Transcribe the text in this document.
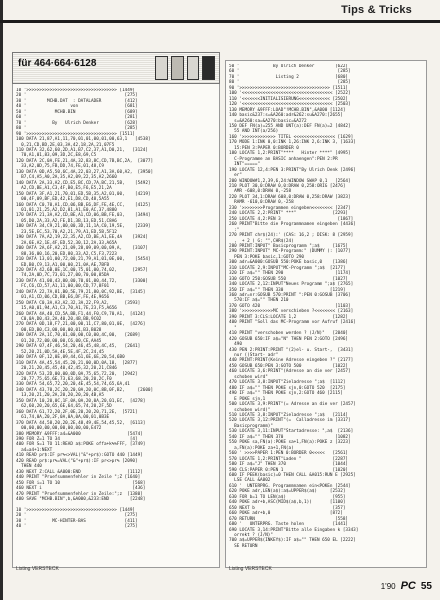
Tips & Tricks
für 464·664·6128
10 '>>>>>>>>>>>>>>>>>>>>>>>>>>>>>>>>>>> [1449]
20 '                                      [275]
30 '        MCHB.DAT  : DATALADER         [412]
40 '                 von                  [681]
50 '           MCHB.BIN                   [689]
60 '                                      [281]
70 '          By   Ulrich Denker          [628]
80 '                                      [285]
90 '>>>>>>>>>>>>>>>>>>>>>>>>>>>>>>>>>>> [1511]
100 DATA 21,87,A1,11,70,01,01,00,01,00,63,1   [4538]
0,21,CD,BD,2E,03,3A,42,18,2A,21,07F5
110 DATA 32,62,60,2D,A1,B7,C2,37,A1,D0,21,   [3124]
70,A1,01,83,09,3D,2C,E8,69,C5
120 DATA 2C,0A,FE,21,4A,32,83,8C,CD,7B,BC,2A,  [3077]
33,A2,0D,75,FB,DD,74,FE,01,48,C9
130 DATA 0D,A5,50,6C,4A,22,03,27,A1,3A,60,A2,  [3950]
B7,C4,A5,A0,2A,35,A2,09,22,35,A2,2660
140 DATA 2A,33,A2,CD,E5,BC,CD,7A,BC,21,5B,    [5492]
A2,CD,BE,A1,C3,4F,B0,E5,F6,E5,21,2A
150 DATA 3F,A1,21,70,01,ED,5B,35,A2,01,00,    [4219]
00,4F,09,BF,ED,42,E1,D8,CD,48,5A55
160 DATA C0,70,A1,CD,06,BB,E6,DF,FE,4E,CC,    [4125]
01,01,21,25,A2,D2,81,A1,E0,AC,37,4880
170 DATA 21,3A,A2,CD,BE,A1,CD,06,BB,FE,03,    [3494]
05,D0,2A,33,A2,FE,D1,3B,13,ED,51,C8A6
180 DATA 34,C9,21,00,00,3D,11,1A,C0,19,5E,    [2339]
23,5E,EC,53,70,A2,21,79,A1,ED,5B,5F12
190 DATA 7A,A2,19,22,35,A2,CD,BE,A1,EE,4A    [3924]
2A,6E,A2,1E,4F,ED,52,30,12,2A,33,A65A
200 DATA 2A,6F,A2,21,09,28,09,09,00,09,A,    [3107]
88,36,00,16,20,ED,80,33,A2,C5,F3,7223
210 DATA 13,01,00,72,00,21,79,A1,01,0E,00,    [5454]
ED,B0,C9,13,A1,00,00,21,0A,AE,7BFB
220 DATA 42,6B,0E,1C,00,75,01,00,74,02,      [2957]
74,2A,0D,7C,73,01,27,00,70,00,85DA
230 DATA 41,00,43,00,00,70,01,00,44,72,      [3300]
FC,C6,CD,57,A1,11,00,00,CD,77,8F01
240 DATA 22,7A,81,B0,5E,79,21,80,0C,92,BE,  [3145]
01,A1,CD,06,CD,BB,E6,DF,FE,4E,9656
250 DATA C0,3A,A3,A2,32,3A,22,F9,A2,      [3593]
15,A0,01,94,A1,C3,70,A1,7E,23,F5,A656
260 DATA 4A,40,CD,5A,BB,F1,44,F0,C9,70,A1,  [4124]
C0,0A,D0,43,2A,40,20,4B,BB,9C02
270 DATA 0D,18,F7,21,00,00,11,C7,80,01,0E,  [4276]
00,ED,B0,C3,00,00,00,01,B3,B028
280 DATA 2A,1C,70,01,00,00,C0,00,4C,00,   [2689]
01,20,72,00,00,00,C6,00,CE,AA45
290 DATA 07,4F,46,54,20,46,45,48,4C,45,   [2641]
52,20,21,0D,5A,4E,5E,4F,2C,24,45
300 DATA 0F,12,0E,09,44,61,6E,6E,20,54,6B0
310 DATA 4A,45,54,45,20,21,00,0D,0A,18,  [2877]
20,21,20,45,45,40,42,45,32,20,21,C846
320 DATA 53,2D,00,00,0D,0A,75,65,72,20,  [2942]
20,77,75,65,6E,73,63,68,20,20,2C,F0
330 DATA 54,65,72,20,20,4E,45,54,74,65,6A,41
340 DATA 43,70,2C,20,20,0A,20,0C,8B,0F,B2,     [2600]
13,20,21,20,2A,20,20,20,20,4B,A5
350 DATA 10,20,0C,1F,0A,0A,20,0A,20,01,EC,  [4278]
62,60,20,20,65,6E,64,65,74,20,2F,5D
360 DATA 61,72,20,2F,0E,20,20,20,71,2E,  [5721]
61,74,0A,20,2F,0A,0A,0A,00,01,0B3E
370 DATA 44,58,20,20,2E,48,49,4E,54,45,52,  [6113]
00,00,00,00,00,00,00,00,00,E472
380 MEMORY &9FFF:a4=&A000                  [5474]
390 FOR Z=1 TO 34                           [4]
400 FOR S=1 TO 11:READ a$:POKE offa+k%%FFF, [3749]
a4=a4+1:NEXT
410 READ pr$:IF pr%<>VAL("&"+pr$):GOTO 440 [1449]
420 READ pr$:pr%=VAL("&"+pr$):IF pr<>pr% [2090]
THEN 440
430 NEXT Z:CALL &A000:END                  [1112]
440 PRINT "Pruefsummenfehler in Zeile ";Z [1640]
450 FOR i=1 TO 10                            [568]
460 NEXT i                                   [436]
470 PRINT "Pruefsummenfehler in Zeile:";z  [1380]
480 SAVE "MCHB.BIN",b,&A000,&233:END        [2248]

10 '>>>>>>>>>>>>>>>>>>>>>>>>>>>>>>>>>>> [1449]
20 '                                      [275]
30 '          MC-HINTER-BAS               [411]
40 '                                      [275]
50 '             By Ulrich Denker        [622]
60 '                                      [285]
70 '              Listing 2              [680]
80 '                                      [285]
90 '>>>>>>>>>>>>>>>>>>>>>>>>>>>>>>>>>>> [1511]
100 '<<<<<<<<<<<<<<<<<<<<<<<<<<<<<<<<<<< [2522]
110 '<<<<<<<INITIALISIERUNG<<<<<<<<<<<< [2502]
120 '<<<<<<<<<<<<<<<<<<<<<<<<<<<<<<<<<<< [2503]
130 MEMORY &9FFF:LOAD"!MCHB.BIN",&A000 [1124]
140 basic&237:s=&A260:adr&262:su&A270:[2655]
s=&A260:sa=&A270:basic=&A272
150 DEF FN(a)=255 AND UNT(a):DEF FN(a)=2 [4842]
55 AND INT(a/256)
160 '>>>>>>>>>>>>> TITEL <<<<<<<<<<<<<<<< [1629]
170 MODE 1:INK 0,0:INK 1,26:INK 2,6:INK 3, [1633]
15:PEN 3:PAPER 0:BORDER 0
180 LOCATE 1,2:PRINT"****   Hinter ****" [4995]
C-Programme an BASIC anhaengen":PEN 2:PR
INT"====="
190 LOCATE 12,4:PEN 3:PRINT"By Ulrich Denk [2496]
er"
200 WINDOW#1,2,39,6,24:WINDOW SWAP 0,1   [2564]
210 PLOT 30,0:DRAW 0,0:DRAW 0,258:ORIG [2476]
AMR -608,0:DRAW 0,-258
220 PLOT 34,1:DRAW 608,0:DRAW 0,258:DRAW [3823]
RAMR -610,0:DRAW 0,-258
230 '>>>>>>>>Programmen eingeben<<<<<<<< [2347]
240 LOCATE 2,2:PRINT" ***"              [2293]
250 LOCATE 4,2:PEN 3                      [1867]
260 PRINT"Bitte die Programmnamen eingeben [4436]
:"
270 PRINT chr$(24):' (CAS: 16,2 ; DISK: 8 [2959]
,  + 2 ) G: "",CHR$(24)
280 PRINT:INPUT" Basicprogramm ";a$     [1675]
290 PRINT:INPUT" MC-Programm:" (DUMMY ): [1077]
PEN 3:POKE basic,1:GOTO 290
300 adr=&A000:GOSUB 550:POKE basic,0    [1386]
310 LOCATE 2,9:INPUT"MC-Programm ";a$  [2177]
320 IF a$="" THEN 290                    [1174]
330 GOTO 250:GOSUB 550                  [1027]
340 LOCATE 2,12:INPUT"Neues Programm ";a$ [2765]
350 IF a$="" THEN 330                  [1219]
360 adr=nr:GOSUB 570:PRINT ":PEN 0:GOSUB [3706]
570:IF a$="" THEN 210
370 GOTO 420                             [1103]
380 '>>>>>>>>>>>>MC verschieben ?<<<<<<<< [2163]
390 PRINT 3:CLS:LOCATE 1,2              [1282]
400 PRINT "Soll das MC-Programm vor Aufruf [2416]
"
410 PRINT "verschoben werden ? (J/N)"   [2040]
420 GOSUB 650:IF a$="N" THEN PEN 2:GOTO [2496]
490
430 PEN 2:PRINT:PRINT "(2)el- u. Start-,  [3431]
nur ((Start- adr"
440 PRINT:PRINT(Keine Adresse eingeben ?" [2177]
450 GOSUB 650:PEN 3:GOTO 500            [1022]
460 LOCATE 3,6:PRINT"(Adresse an die ver [2457]
schoben wird"
470 LOCATE 3,8:INPUT"Zieladresse ";a$  [1112]
480 IF a$="" THEN POKE sjn,0:GOTO 520  [2175]
490 IF a$="" THEN POKE sjn,2:GOTO 460 [2115]
E POKE sjn,1
500 LOCATE 3,9:PRINT"(= Adresse an die ver [2457]
schoben wird)"
510 LOCATE 3,8:INPUT"Zieladresse ";a$   [2114]
520 LOCATE 3,12:PRINT"(=  Calladresse im [3317]
Basicprogramm)"
530 LOCATE 3,11:INPUT"Startadresse: ",a$  [2136]
540 IF a$="" THEN 370                    [1082]
550 POKE sa,FN(a):POKE sa+1,FN(a):POKE z [3223]
a,FN(a):POKE za+1,FN(a)
560 ' >>>>PAPER 1:PEN 0:BORDER 0<<<<<   [2561]
570 LOCATE 1,2:PRINT"Laden "            [2287]
580 IF a$="J" THEN 370                  [1044]
590 CLS:PAPER 0:PEN 1                   [1020]
600 IF PEEK(basic)=0 THEN CALL &A015:RUN E [2925]
LSE CALL &A002
610 '  UNTERPRG. Programmnamen ein<POKEn [2544]
620 POKE adr,LEN(a$):a$=UPPER$(a$)     [2532]
630 FOR b=1 TO LEN(a$)                  [955]
640 POKE adr+b,ASC(MID$(a$,b,1))       [1100]
650 NEXT b                              [357]
660 POKE adr+b,0                       [872]
670 RETURN                               [558]
680 '   UNTERPRG. Taste holen           [1441]
690 LOCATE 3,14:PRINT"Bitte alle Eingaben k [3343]
orrekt ? (J/N)"
700 a$=UPPER$(INKEY$):IF a$="" THEN 650 EL [2222]
SE RETURN
Listing VERSTECK	Listing VERSTECK
1'90 PC 55
